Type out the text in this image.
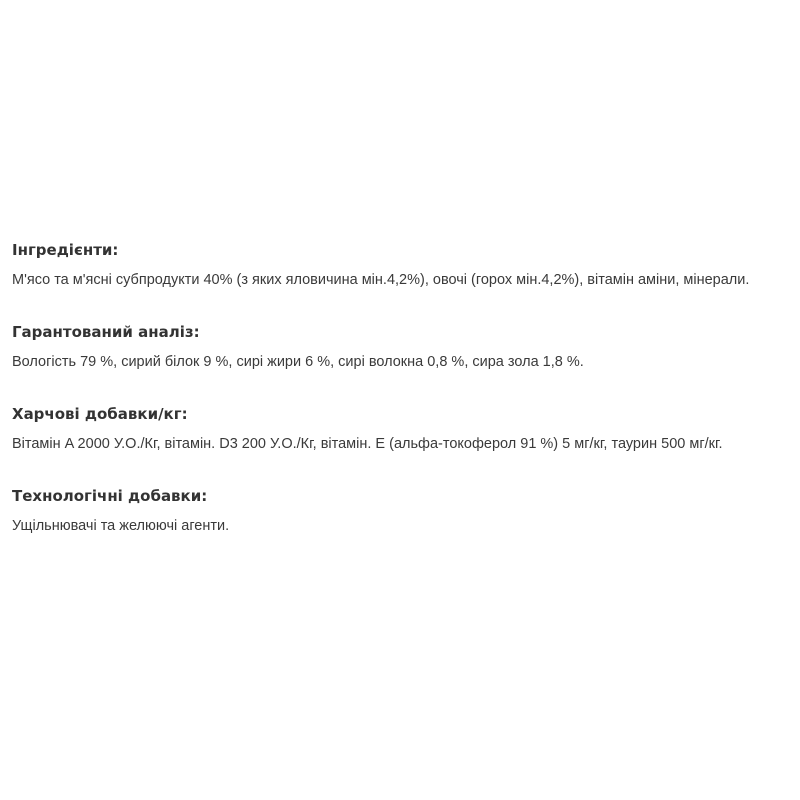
Інгредієнти:

М'ясо та м'ясні субпродукти 40% (з яких яловичина мін.4,2%), овочі (горох мін.4,2%), вітамін аміни, мінерали.

Гарантований аналіз:

Вологість 79 %, сирий білок 9 %, сирі жири 6 %, сирі волокна 0,8 %, сира зола 1,8 %.

Харчові добавки/кг:

Вітамін A 2000 У.О./Кг, вітамін. D3 200 У.О./Кг, вітамін. E (альфа-токоферол 91 %) 5 мг/кг, таурин 500 мг/кг.

Технологічні добавки:

Ущільнювачі та желюючі агенти.
